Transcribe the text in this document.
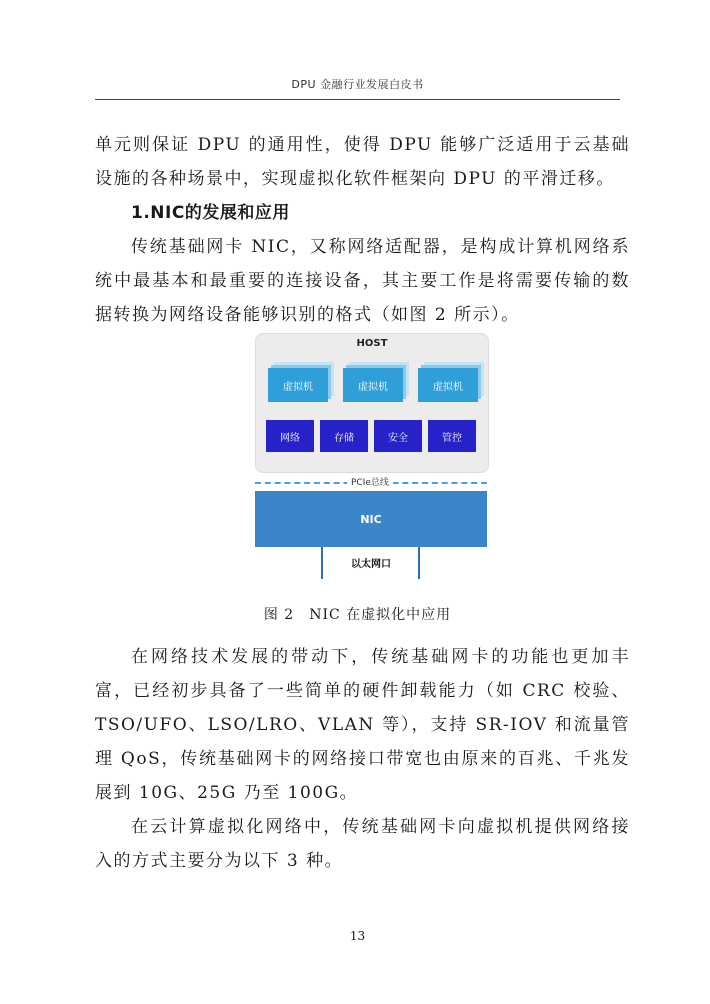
DPU 金融行业发展白皮书

单元则保证 DPU 的通用性，使得 DPU 能够广泛适用于云基础设施的各种场景中，实现虚拟化软件框架向 DPU 的平滑迁移。

1.NIC的发展和应用

传统基础网卡 NIC，又称网络适配器，是构成计算机网络系统中最基本和最重要的连接设备，其主要工作是将需要传输的数据转换为网络设备能够识别的格式（如图 2 所示）。

HOST
虚拟机	虚拟机	虚拟机
网络	存储	安全	管控
PCIe总线
NIC
以太网口
图 2　NIC 在虚拟化中应用

在网络技术发展的带动下，传统基础网卡的功能也更加丰富，已经初步具备了一些简单的硬件卸载能力（如 CRC 校验、TSO/UFO、LSO/LRO、VLAN 等），支持 SR-IOV 和流量管理 QoS，传统基础网卡的网络接口带宽也由原来的百兆、千兆发展到 10G、25G 乃至 100G。

在云计算虚拟化网络中，传统基础网卡向虚拟机提供网络接入的方式主要分为以下 3 种。

13
